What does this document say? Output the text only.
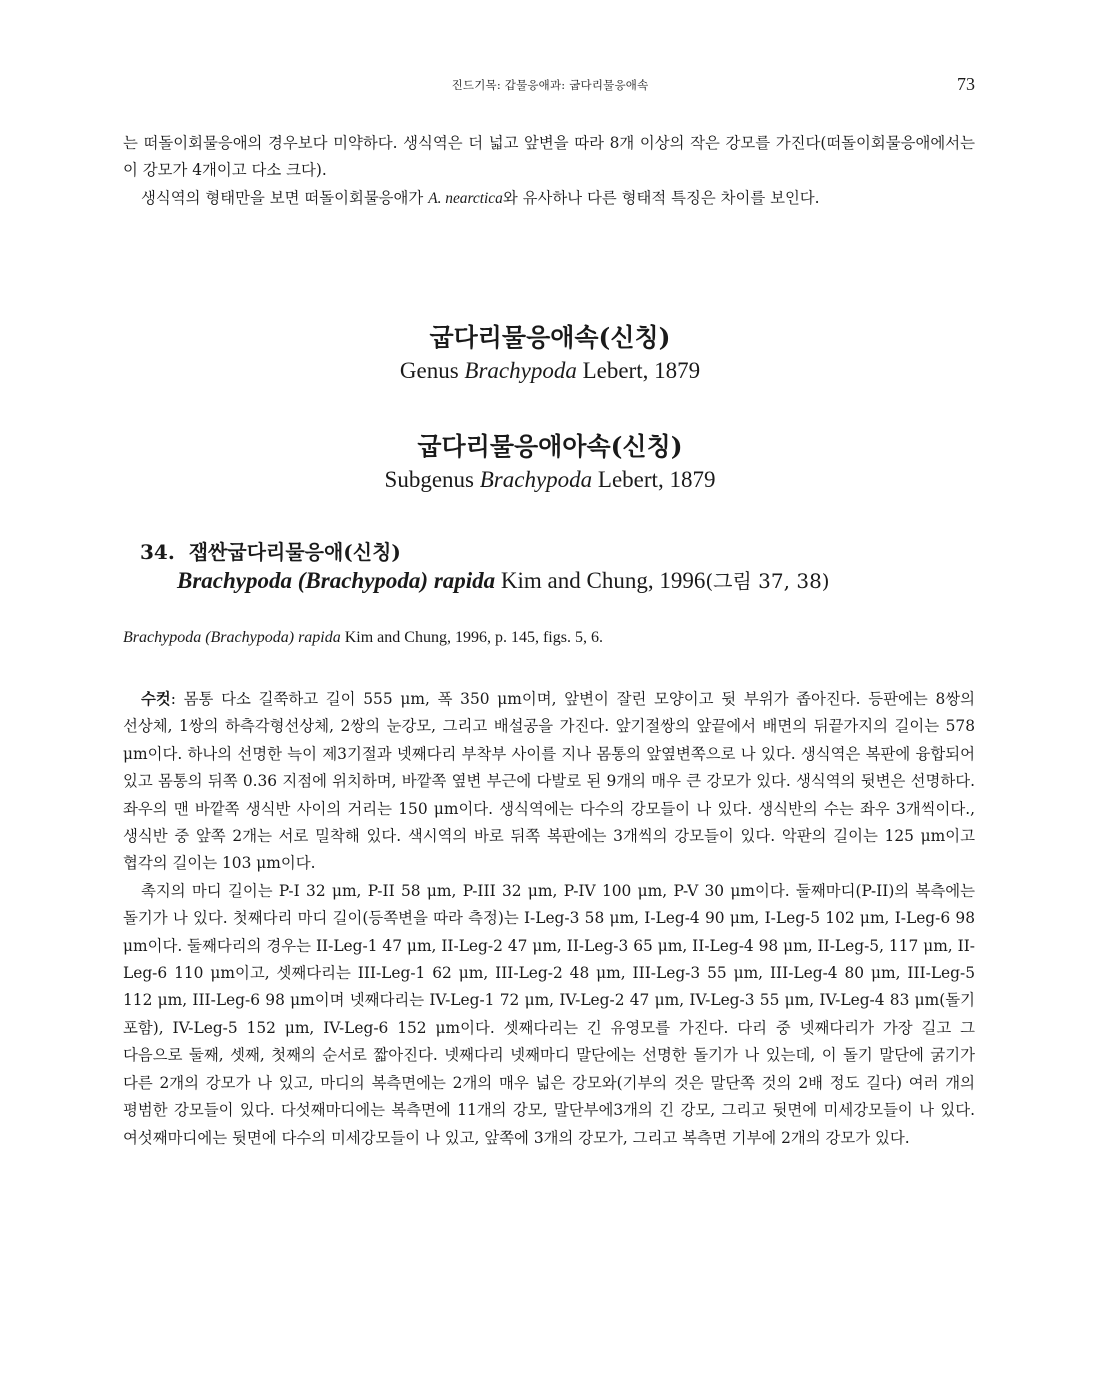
진드기목: 갑물응애과: 굽다리물응애속	73

는 떠돌이회물응애의 경우보다 미약하다. 생식역은 더 넓고 앞변을 따라 8개 이상의 작은 강모를 가진다(떠돌이회물응애에서는 이 강모가 4개이고 다소 크다).

생식역의 형태만을 보면 떠돌이회물응애가 A. nearctica와 유사하나 다른 형태적 특징은 차이를 보인다.

굽다리물응애속(신칭)
Genus Brachypoda Lebert, 1879
굽다리물응애아속(신칭)
Subgenus Brachypoda Lebert, 1879
34. 잽싼굽다리물응애(신칭)
Brachypoda (Brachypoda) rapida Kim and Chung, 1996(그림 37, 38)
Brachypoda (Brachypoda) rapida Kim and Chung, 1996, p. 145, figs. 5, 6.

수컷: 몸통 다소 길쭉하고 길이 555 μm, 폭 350 μm이며, 앞변이 잘린 모양이고 뒷 부위가 좁아진다. 등판에는 8쌍의 선상체, 1쌍의 하측각형선상체, 2쌍의 눈강모, 그리고 배설공을 가진다. 앞기절쌍의 앞끝에서 배면의 뒤끝가지의 길이는 578 μm이다. 하나의 선명한 늑이 제3기절과 넷째다리 부착부 사이를 지나 몸통의 앞옆변쪽으로 나 있다. 생식역은 복판에 융합되어 있고 몸통의 뒤쪽 0.36 지점에 위치하며, 바깥쪽 옆변 부근에 다발로 된 9개의 매우 큰 강모가 있다. 생식역의 뒷변은 선명하다. 좌우의 맨 바깥쪽 생식반 사이의 거리는 150 μm이다. 생식역에는 다수의 강모들이 나 있다. 생식반의 수는 좌우 3개씩이다., 생식반 중 앞쪽 2개는 서로 밀착해 있다. 색시역의 바로 뒤쪽 복판에는 3개씩의 강모들이 있다. 악판의 길이는 125 μm이고 협각의 길이는 103 μm이다.

촉지의 마디 길이는 P-I 32 μm, P-II 58 μm, P-III 32 μm, P-IV 100 μm, P-V 30 μm이다. 둘째마디(P-II)의 복측에는 돌기가 나 있다. 첫째다리 마디 길이(등쪽변을 따라 측정)는 I-Leg-3 58 μm, I-Leg-4 90 μm, I-Leg-5 102 μm, I-Leg-6 98 μm이다. 둘째다리의 경우는 II-Leg-1 47 μm, II-Leg-2 47 μm, II-Leg-3 65 μm, II-Leg-4 98 μm, II-Leg-5, 117 μm, II-Leg-6 110 μm이고, 셋째다리는 III-Leg-1 62 μm, III-Leg-2 48 μm, III-Leg-3 55 μm, III-Leg-4 80 μm, III-Leg-5 112 μm, III-Leg-6 98 μm이며 넷째다리는 IV-Leg-1 72 μm, IV-Leg-2 47 μm, IV-Leg-3 55 μm, IV-Leg-4 83 μm(돌기 포함), IV-Leg-5 152 μm, IV-Leg-6 152 μm이다. 셋째다리는 긴 유영모를 가진다. 다리 중 넷째다리가 가장 길고 그 다음으로 둘째, 셋째, 첫째의 순서로 짧아진다. 넷째다리 넷째마디 말단에는 선명한 돌기가 나 있는데, 이 돌기 말단에 굵기가 다른 2개의 강모가 나 있고, 마디의 복측면에는 2개의 매우 넓은 강모와(기부의 것은 말단쪽 것의 2배 정도 길다) 여러 개의 평범한 강모들이 있다. 다섯째마디에는 복측면에 11개의 강모, 말단부에3개의 긴 강모, 그리고 뒷면에 미세강모들이 나 있다. 여섯째마디에는 뒷면에 다수의 미세강모들이 나 있고, 앞쪽에 3개의 강모가, 그리고 복측면 기부에 2개의 강모가 있다.
